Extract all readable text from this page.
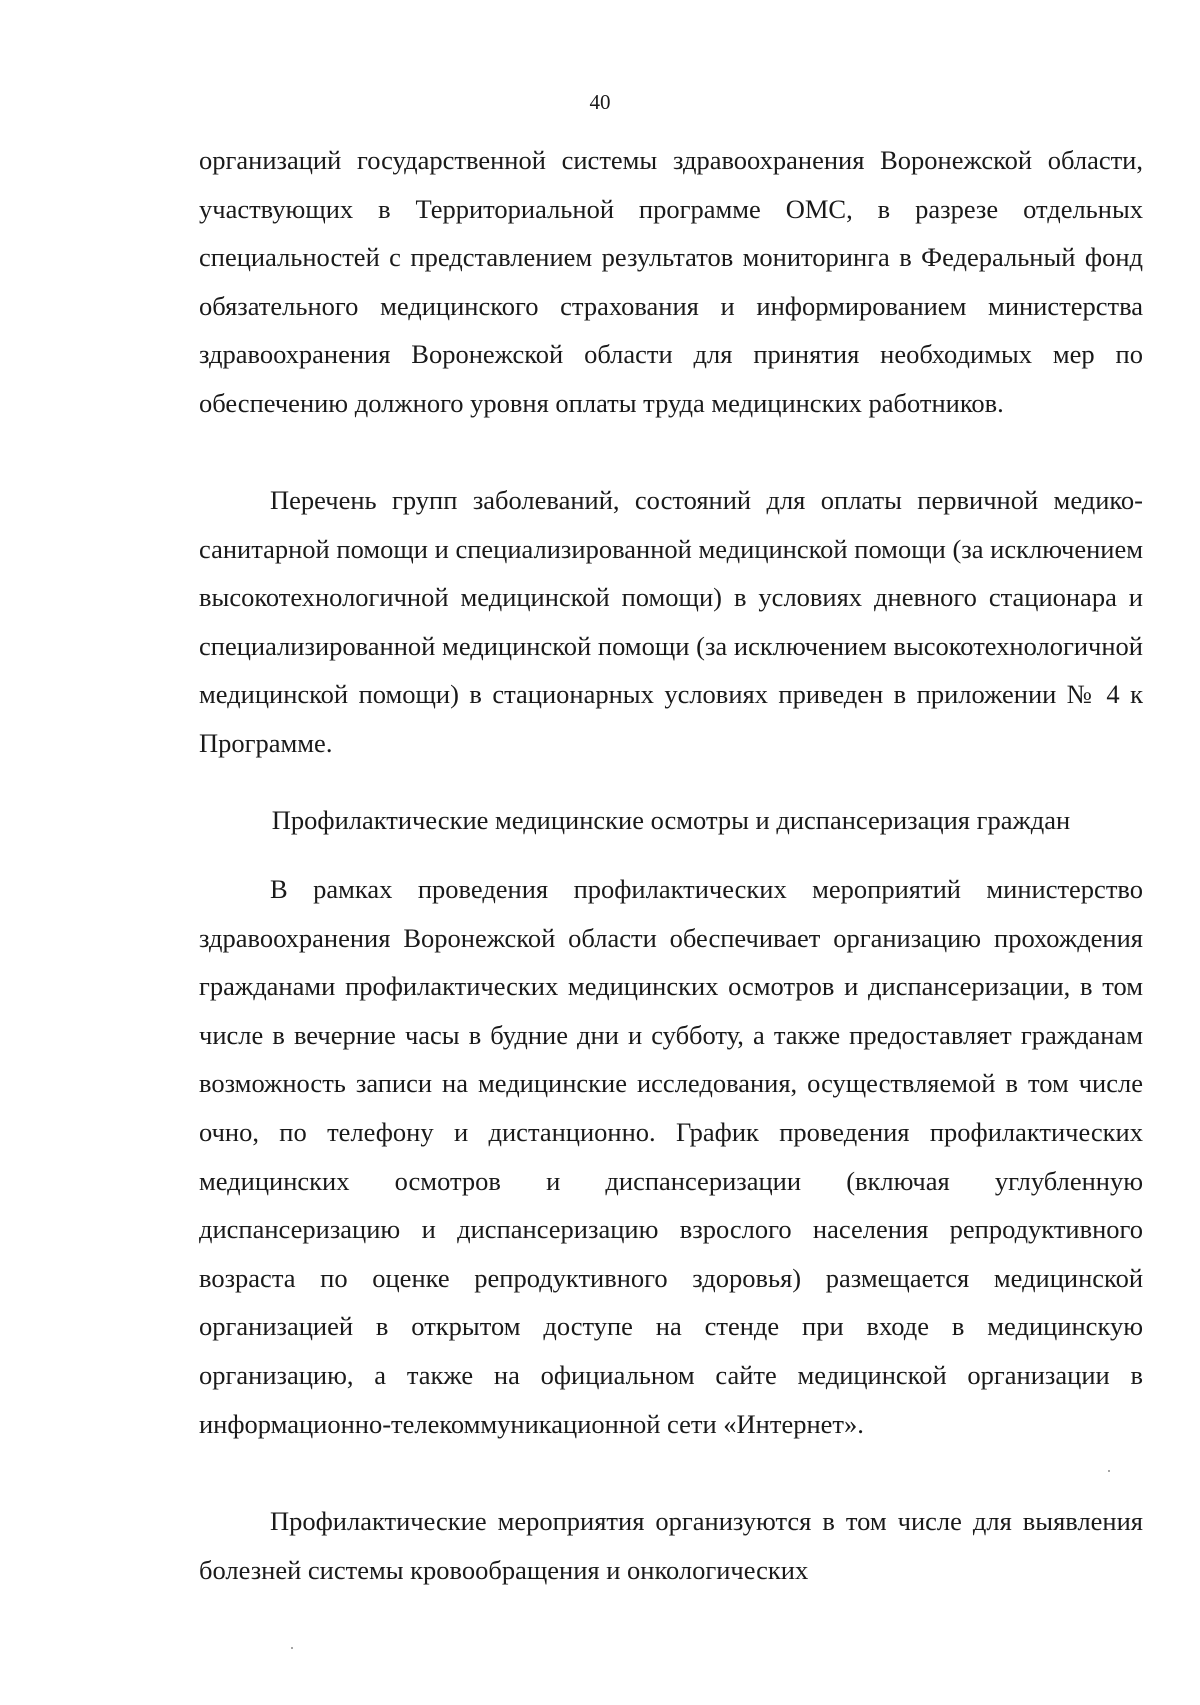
40

организаций государственной системы здравоохранения Воронежской области, участвующих в Территориальной программе ОМС, в разрезе отдельных специальностей с представлением результатов мониторинга в Федеральный фонд обязательного медицинского страхования и информированием министерства здравоохранения Воронежской области для принятия необходимых мер по обеспечению должного уровня оплаты труда медицинских работников.

Перечень групп заболеваний, состояний для оплаты первичной медико-санитарной помощи и специализированной медицинской помощи (за исключением высокотехнологичной медицинской помощи) в условиях дневного стационара и специализированной медицинской помощи (за исключением высокотехнологичной медицинской помощи) в стационарных условиях приведен в приложении № 4 к Программе.

Профилактические медицинские осмотры и диспансеризация граждан

В рамках проведения профилактических мероприятий министерство здравоохранения Воронежской области обеспечивает организацию прохождения гражданами профилактических медицинских осмотров и диспансеризации, в том числе в вечерние часы в будние дни и субботу, а также предоставляет гражданам возможность записи на медицинские исследования, осуществляемой в том числе очно, по телефону и дистанционно. График проведения профилактических медицинских осмотров и диспансеризации (включая углубленную диспансеризацию и диспансеризацию взрослого населения репродуктивного возраста по оценке репродуктивного здоровья) размещается медицинской организацией в открытом доступе на стенде при входе в медицинскую организацию, а также на официальном сайте медицинской организации в информационно-телекоммуникационной сети «Интернет».

Профилактические мероприятия организуются в том числе для выявления болезней системы кровообращения и онкологических
